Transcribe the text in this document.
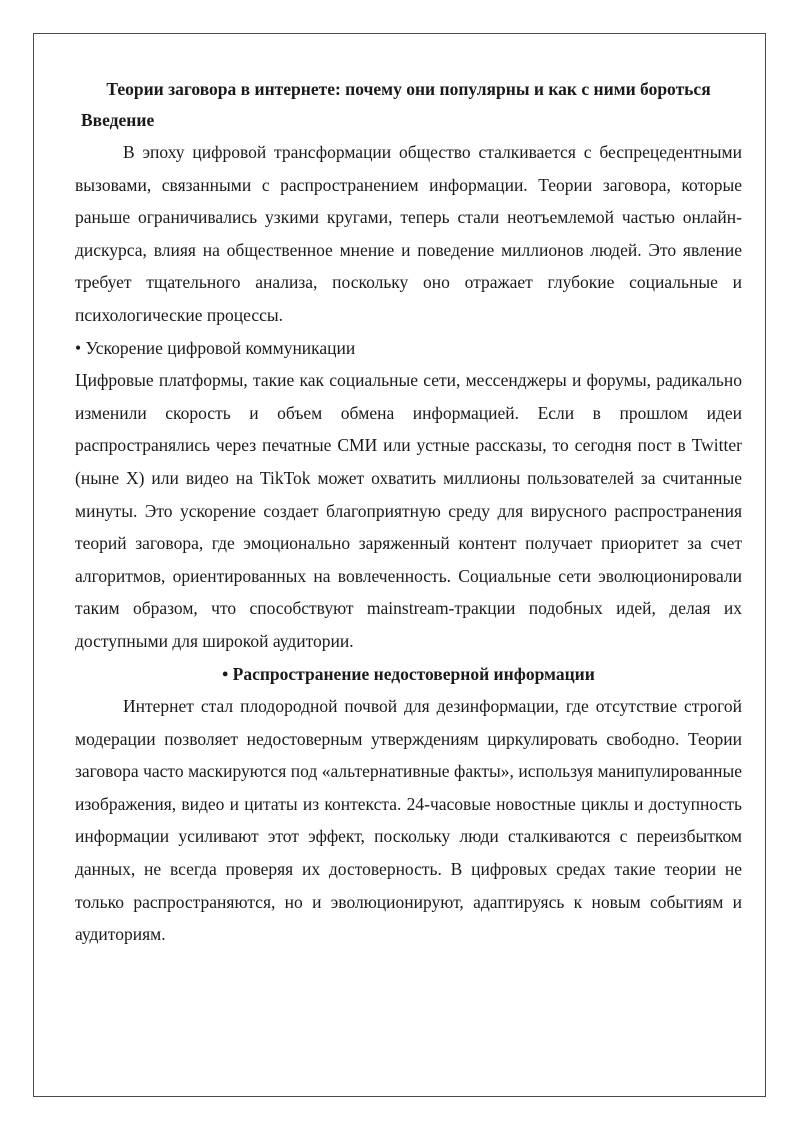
Теории заговора в интернете: почему они популярны и как с ними бороться

Введение

В эпоху цифровой трансформации общество сталкивается с беспрецедентными вызовами, связанными с распространением информации. Теории заговора, которые раньше ограничивались узкими кругами, теперь стали неотъемлемой частью онлайн-дискурса, влияя на общественное мнение и поведение миллионов людей. Это явление требует тщательного анализа, поскольку оно отражает глубокие социальные и психологические процессы.

• Ускорение цифровой коммуникации

Цифровые платформы, такие как социальные сети, мессенджеры и форумы, радикально изменили скорость и объем обмена информацией. Если в прошлом идеи распространялись через печатные СМИ или устные рассказы, то сегодня пост в Twitter (ныне X) или видео на TikTok может охватить миллионы пользователей за считанные минуты. Это ускорение создает благоприятную среду для вирусного распространения теорий заговора, где эмоционально заряженный контент получает приоритет за счет алгоритмов, ориентированных на вовлеченность. Социальные сети эволюционировали таким образом, что способствуют mainstream-тракции подобных идей, делая их доступными для широкой аудитории.

• Распространение недостоверной информации

Интернет стал плодородной почвой для дезинформации, где отсутствие строгой модерации позволяет недостоверным утверждениям циркулировать свободно. Теории заговора часто маскируются под «альтернативные факты», используя манипулированные изображения, видео и цитаты из контекста. 24-часовые новостные циклы и доступность информации усиливают этот эффект, поскольку люди сталкиваются с переизбытком данных, не всегда проверяя их достоверность. В цифровых средах такие теории не только распространяются, но и эволюционируют, адаптируясь к новым событиям и аудиториям.
